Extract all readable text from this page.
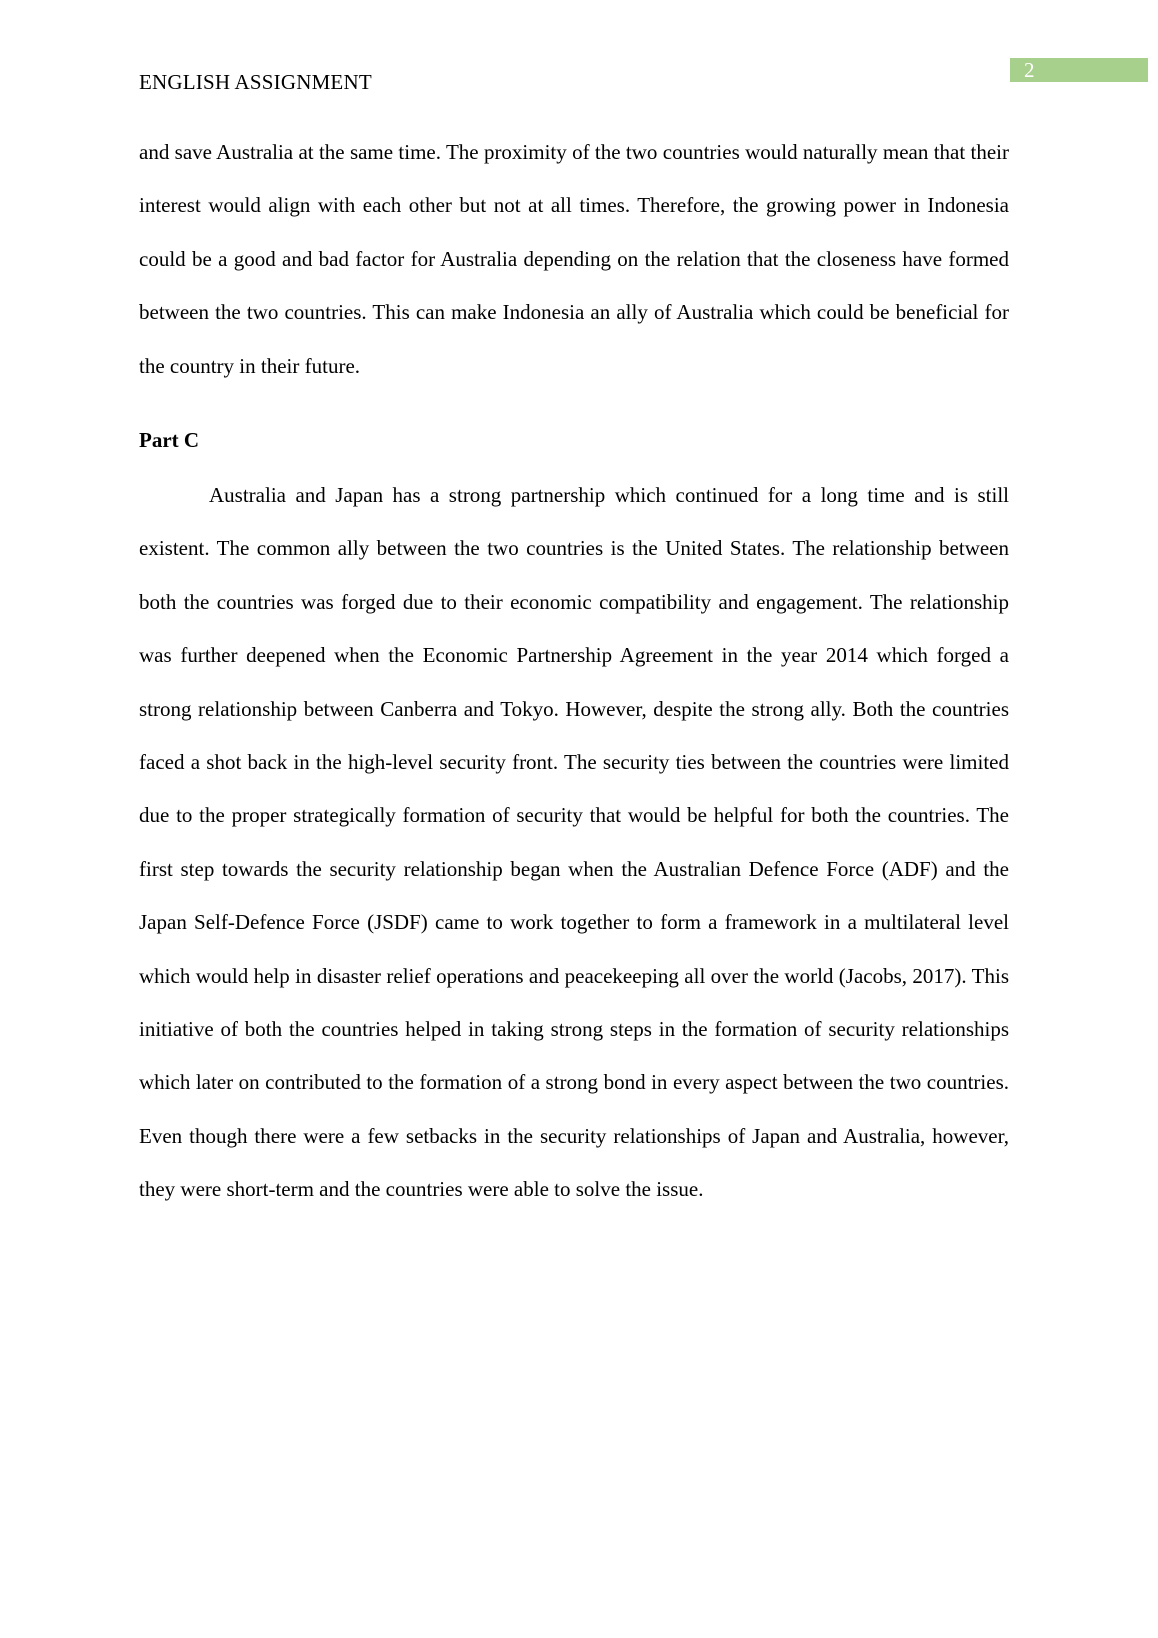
2
ENGLISH ASSIGNMENT

and save Australia at the same time. The proximity of the two countries would naturally mean that their interest would align with each other but not at all times. Therefore, the growing power in Indonesia could be a good and bad factor for Australia depending on the relation that the closeness have formed between the two countries. This can make Indonesia an ally of Australia which could be beneficial for the country in their future.

Part C

Australia and Japan has a strong partnership which continued for a long time and is still existent. The common ally between the two countries is the United States. The relationship between both the countries was forged due to their economic compatibility and engagement. The relationship was further deepened when the Economic Partnership Agreement in the year 2014 which forged a strong relationship between Canberra and Tokyo. However, despite the strong ally. Both the countries faced a shot back in the high-level security front. The security ties between the countries were limited due to the proper strategically formation of security that would be helpful for both the countries. The first step towards the security relationship began when the Australian Defence Force (ADF) and the Japan Self-Defence Force (JSDF) came to work together to form a framework in a multilateral level which would help in disaster relief operations and peacekeeping all over the world (Jacobs, 2017). This initiative of both the countries helped in taking strong steps in the formation of security relationships which later on contributed to the formation of a strong bond in every aspect between the two countries. Even though there were a few setbacks in the security relationships of Japan and Australia, however, they were short-term and the countries were able to solve the issue.
